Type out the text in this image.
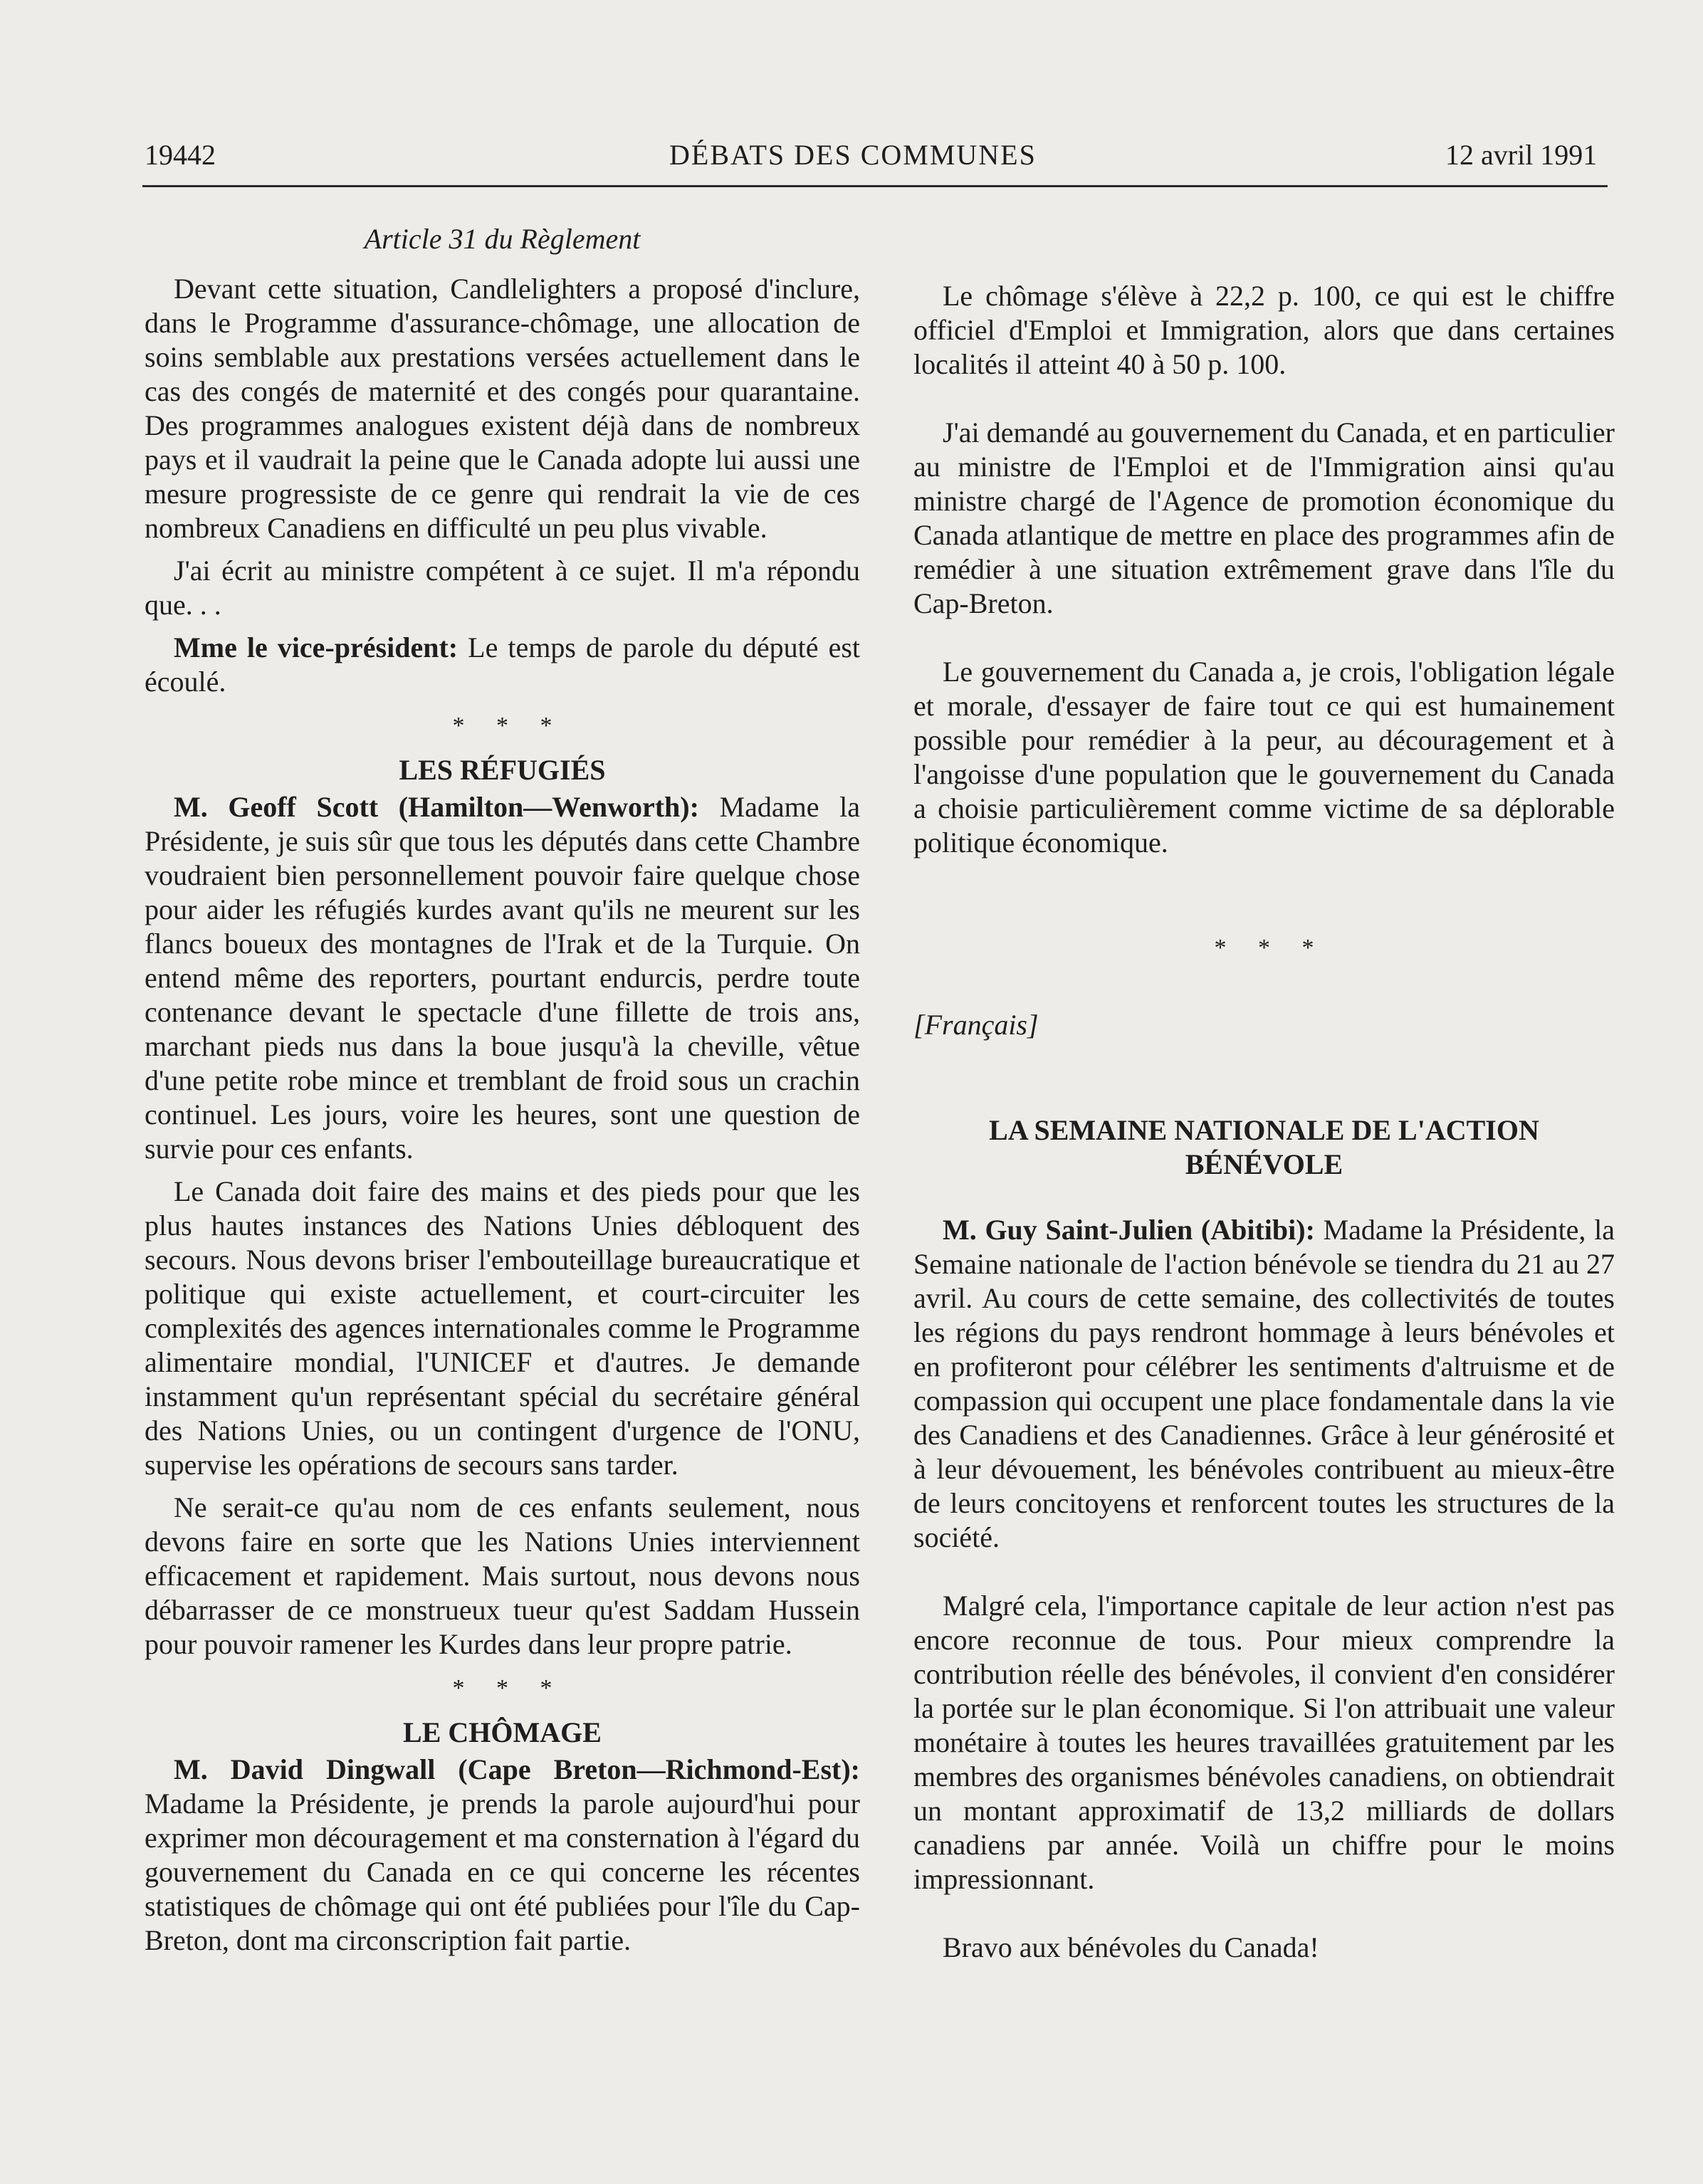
19442	DÉBATS DES COMMUNES	12 avril 1991

Article 31 du Règlement

Devant cette situation, Candlelighters a proposé d'inclure, dans le Programme d'assurance-chômage, une allocation de soins semblable aux prestations versées actuellement dans le cas des congés de maternité et des congés pour quarantaine. Des programmes analogues existent déjà dans de nombreux pays et il vaudrait la peine que le Canada adopte lui aussi une mesure progressiste de ce genre qui rendrait la vie de ces nombreux Canadiens en difficulté un peu plus vivable.

J'ai écrit au ministre compétent à ce sujet. Il m'a répondu que. . .

Mme le vice-président: Le temps de parole du député est écoulé.

* * *
LES RÉFUGIÉS

M. Geoff Scott (Hamilton—Wenworth): Madame la Présidente, je suis sûr que tous les députés dans cette Chambre voudraient bien personnellement pouvoir faire quelque chose pour aider les réfugiés kurdes avant qu'ils ne meurent sur les flancs boueux des montagnes de l'Irak et de la Turquie. On entend même des reporters, pourtant endurcis, perdre toute contenance devant le spectacle d'une fillette de trois ans, marchant pieds nus dans la boue jusqu'à la cheville, vêtue d'une petite robe mince et tremblant de froid sous un crachin continuel. Les jours, voire les heures, sont une question de survie pour ces enfants.

Le Canada doit faire des mains et des pieds pour que les plus hautes instances des Nations Unies débloquent des secours. Nous devons briser l'embouteillage bureaucratique et politique qui existe actuellement, et court-circuiter les complexités des agences internationales comme le Programme alimentaire mondial, l'UNICEF et d'autres. Je demande instamment qu'un représentant spécial du secrétaire général des Nations Unies, ou un contingent d'urgence de l'ONU, supervise les opérations de secours sans tarder.

Ne serait-ce qu'au nom de ces enfants seulement, nous devons faire en sorte que les Nations Unies interviennent efficacement et rapidement. Mais surtout, nous devons nous débarrasser de ce monstrueux tueur qu'est Saddam Hussein pour pouvoir ramener les Kurdes dans leur propre patrie.

* * *
LE CHÔMAGE

M. David Dingwall (Cape Breton—Richmond-Est): Madame la Présidente, je prends la parole aujourd'hui pour exprimer mon découragement et ma consternation à l'égard du gouvernement du Canada en ce qui concerne les récentes statistiques de chômage qui ont été publiées pour l'île du Cap-Breton, dont ma circonscription fait partie.

Le chômage s'élève à 22,2 p. 100, ce qui est le chiffre officiel d'Emploi et Immigration, alors que dans certaines localités il atteint 40 à 50 p. 100.

J'ai demandé au gouvernement du Canada, et en particulier au ministre de l'Emploi et de l'Immigration ainsi qu'au ministre chargé de l'Agence de promotion économique du Canada atlantique de mettre en place des programmes afin de remédier à une situation extrêmement grave dans l'île du Cap-Breton.

Le gouvernement du Canada a, je crois, l'obligation légale et morale, d'essayer de faire tout ce qui est humainement possible pour remédier à la peur, au découragement et à l'angoisse d'une population que le gouvernement du Canada a choisie particulièrement comme victime de sa déplorable politique économique.

* * *

[Français]

LA SEMAINE NATIONALE DE L'ACTION
BÉNÉVOLE

M. Guy Saint-Julien (Abitibi): Madame la Présidente, la Semaine nationale de l'action bénévole se tiendra du 21 au 27 avril. Au cours de cette semaine, des collectivités de toutes les régions du pays rendront hommage à leurs bénévoles et en profiteront pour célébrer les sentiments d'altruisme et de compassion qui occupent une place fondamentale dans la vie des Canadiens et des Canadiennes. Grâce à leur générosité et à leur dévouement, les bénévoles contribuent au mieux-être de leurs concitoyens et renforcent toutes les structures de la société.

Malgré cela, l'importance capitale de leur action n'est pas encore reconnue de tous. Pour mieux comprendre la contribution réelle des bénévoles, il convient d'en considérer la portée sur le plan économique. Si l'on attribuait une valeur monétaire à toutes les heures travaillées gratuitement par les membres des organismes bénévoles canadiens, on obtiendrait un montant approximatif de 13,2 milliards de dollars canadiens par année. Voilà un chiffre pour le moins impressionnant.

Bravo aux bénévoles du Canada!
